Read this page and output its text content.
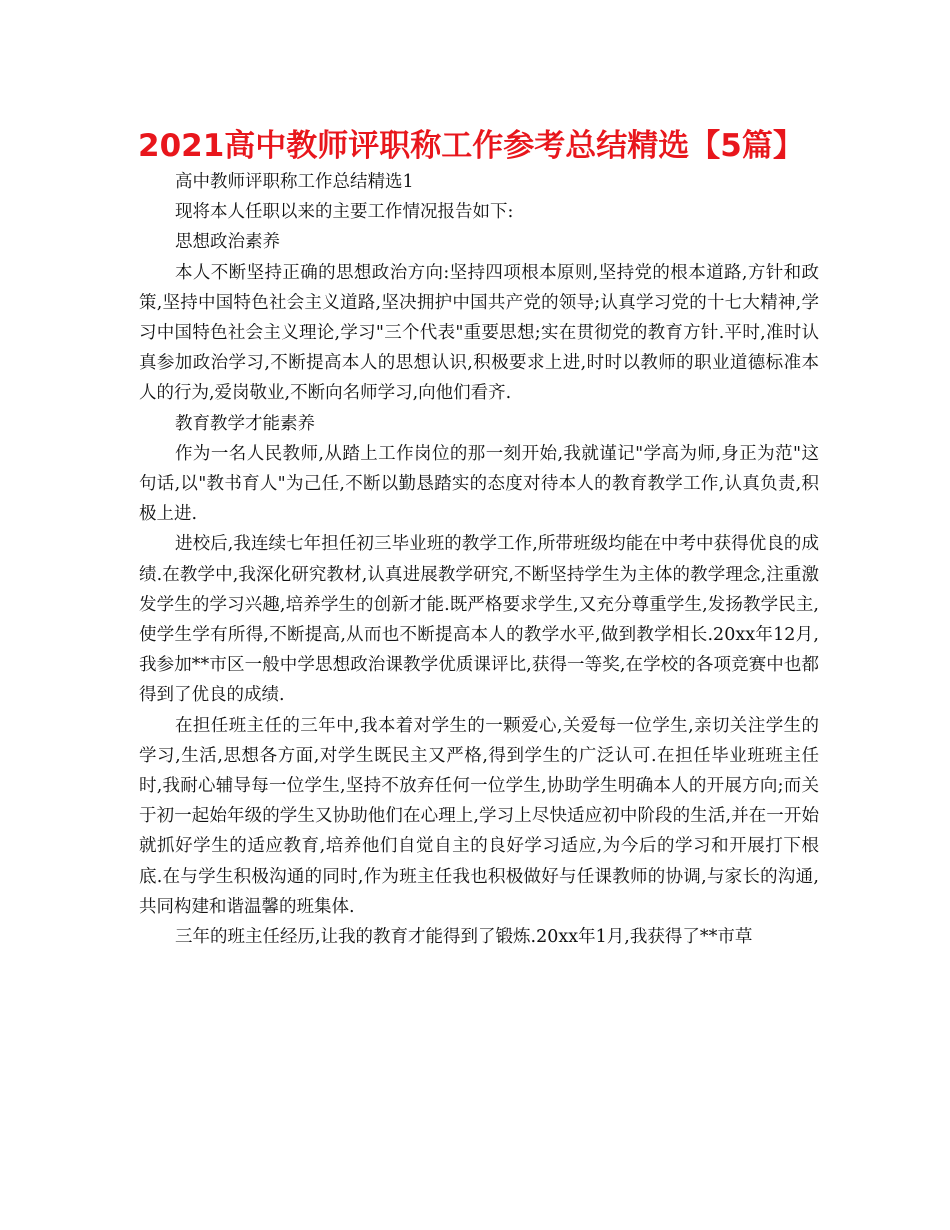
2021高中教师评职称工作参考总结精选【5篇】

高中教师评职称工作总结精选1

现将本人任职以来的主要工作情况报告如下:

思想政治素养

本人不断坚持正确的思想政治方向:坚持四项根本原则,坚持党的根本道路,方针和政策,坚持中国特色社会主义道路,坚决拥护中国共产党的领导;认真学习党的十七大精神,学习中国特色社会主义理论,学习"三个代表"重要思想;实在贯彻党的教育方针.平时,准时认真参加政治学习,不断提高本人的思想认识,积极要求上进,时时以教师的职业道德标准本人的行为,爱岗敬业,不断向名师学习,向他们看齐.

教育教学才能素养

作为一名人民教师,从踏上工作岗位的那一刻开始,我就谨记"学高为师,身正为范"这句话,以"教书育人"为己任,不断以勤恳踏实的态度对待本人的教育教学工作,认真负责,积极上进.

进校后,我连续七年担任初三毕业班的教学工作,所带班级均能在中考中获得优良的成绩.在教学中,我深化研究教材,认真进展教学研究,不断坚持学生为主体的教学理念,注重激发学生的学习兴趣,培养学生的创新才能.既严格要求学生,又充分尊重学生,发扬教学民主,使学生学有所得,不断提高,从而也不断提高本人的教学水平,做到教学相长.20xx年12月,我参加**市区一般中学思想政治课教学优质课评比,获得一等奖,在学校的各项竞赛中也都得到了优良的成绩.

在担任班主任的三年中,我本着对学生的一颗爱心,关爱每一位学生,亲切关注学生的学习,生活,思想各方面,对学生既民主又严格,得到学生的广泛认可.在担任毕业班班主任时,我耐心辅导每一位学生,坚持不放弃任何一位学生,协助学生明确本人的开展方向;而关于初一起始年级的学生又协助他们在心理上,学习上尽快适应初中阶段的生活,并在一开始就抓好学生的适应教育,培养他们自觉自主的良好学习适应,为今后的学习和开展打下根底.在与学生积极沟通的同时,作为班主任我也积极做好与任课教师的协调,与家长的沟通,共同构建和谐温馨的班集体.

三年的班主任经历,让我的教育才能得到了锻炼.20xx年1月,我获得了**市草
